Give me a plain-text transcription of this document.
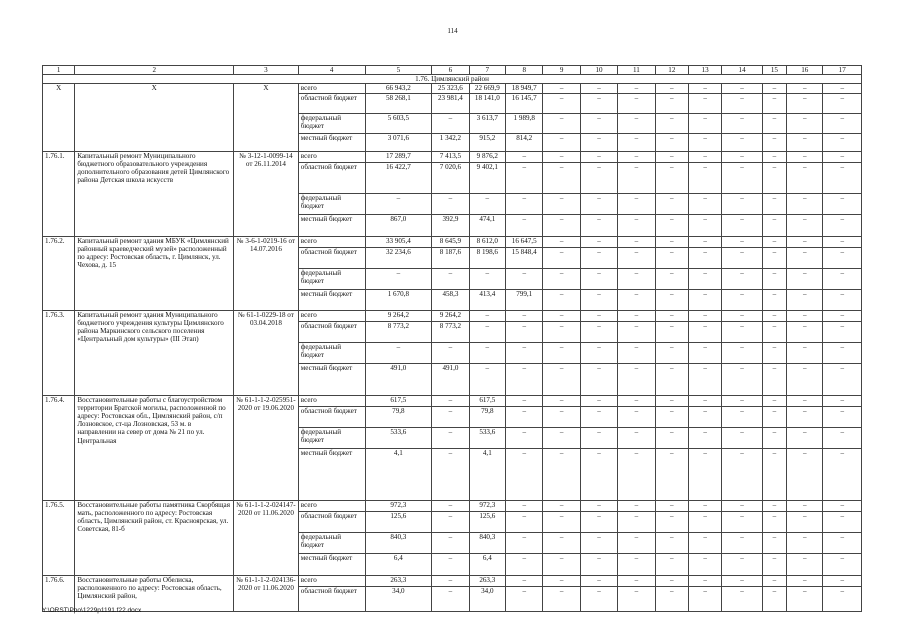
114
1	2	3	4	5	6	7	8	9	10	11	12	13	14	15	16	17
1.76. Цимлянский район																
Х	Х	Х	всего	66 943,2	25 323,6	22 669,9	18 949,7	–	–	–	–	–	–	–	–	–
			областной бюджет	58 268,1	23 981,4	18 141,0	16 145,7	–	–	–	–	–	–	–	–	–
			федеральный бюджет	5 603,5	–	3 613,7	1 989,8	–	–	–	–	–	–	–	–	–
			местный бюджет	3 071,6	1 342,2	915,2	814,2	–	–	–	–	–	–	–	–	–
1.76.1.	Капитальный ремонт Муниципального бюджетного образовательного учреждения дополнительного образования детей Цимлянского района Детская школа искусств	№ 3-12-1-0099-14 от 26.11.2014	всего	17 289,7	7 413,5	9 876,2	–	–	–	–	–	–	–	–	–	–
			областной бюджет	16 422,7	7 020,6	9 402,1	–	–	–	–	–	–	–	–	–	–
			федеральный бюджет	–	–	–	–	–	–	–	–	–	–	–	–	–
			местный бюджет	867,0	392,9	474,1	–	–	–	–	–	–	–	–	–	–
1.76.2.	Капитальный ремонт здания МБУК «Цимлянский районный краеведческий музей» расположенный по адресу: Ростовская область, г. Цимлянск, ул. Чехова, д. 15	№ 3-6-1-0219-16 от 14.07.2016	всего	33 905,4	8 645,9	8 612,0	16 647,5	–	–	–	–	–	–	–	–	–
			областной бюджет	32 234,6	8 187,6	8 198,6	15 848,4	–	–	–	–	–	–	–	–	–
			федеральный бюджет	–	–	–	–	–	–	–	–	–	–	–	–	–
			местный бюджет	1 670,8	458,3	413,4	799,1	–	–	–	–	–	–	–	–	–
1.76.3.	Капитальный ремонт здания Муниципального бюджетного учреждения культуры Цимлянского района Маркинского сельского поселения «Центральный дом культуры» (III Этап)	№ 61-1-0229-18 от 03.04.2018	всего	9 264,2	9 264,2	–	–	–	–	–	–	–	–	–	–	–
			областной бюджет	8 773,2	8 773,2	–	–	–	–	–	–	–	–	–	–	–
			федеральный бюджет	–	–	–	–	–	–	–	–	–	–	–	–	–
			местный бюджет	491,0	491,0	–	–	–	–	–	–	–	–	–	–	–
1.76.4.	Восстановительные работы с благоустройством территории Братской могилы, расположенной по адресу: Ростовская обл., Цимлянский район, с/п Лозновское, ст-ца Лозновская, 53 м. в направлении на север от дома № 21 по ул. Центральная	№ 61-1-1-2-025951-2020 от 19.06.2020	всего	617,5	–	617,5	–	–	–	–	–	–	–	–	–	–
			областной бюджет	79,8	–	79,8	–	–	–	–	–	–	–	–	–	–
			федеральный бюджет	533,6	–	533,6	–	–	–	–	–	–	–	–	–	–
			местный бюджет	4,1	–	4,1	–	–	–	–	–	–	–	–	–	–
1.76.5.	Восстановительные работы памятника Скорбящая мать, расположенного по адресу: Ростовская область, Цимлянский район, ст. Красноярская, ул. Советская, 81-б	№ 61-1-1-2-024147-2020 от 11.06.2020	всего	972,3	–	972,3	–	–	–	–	–	–	–	–	–	–
			областной бюджет	125,6	–	125,6	–	–	–	–	–	–	–	–	–	–
			федеральный бюджет	840,3	–	840,3	–	–	–	–	–	–	–	–	–	–
			местный бюджет	6,4	–	6,4	–	–	–	–	–	–	–	–	–	–
1.76.6.	Восстановительные работы Обелиска, расположенного по адресу: Ростовская область, Цимлянский район,	№ 61-1-1-2-024136-2020 от 11.06.2020	всего	263,3	–	263,3	–	–	–	–	–	–	–	–	–	–
			областной бюджет	34,0	–	34,0	–	–	–	–	–	–	–	–	–	–
Y:\ORST\Ppo\1229p1191.f22.docx
